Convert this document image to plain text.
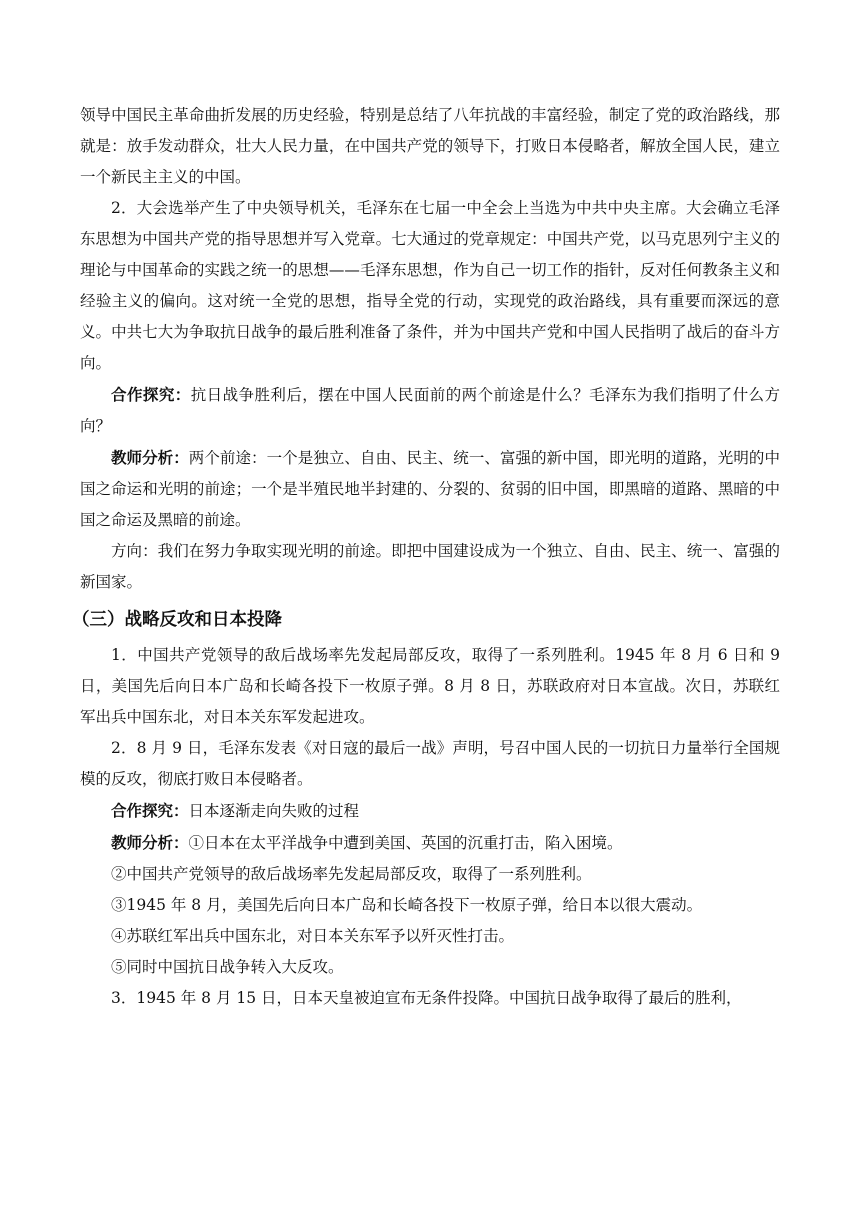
领导中国民主革命曲折发展的历史经验，特别是总结了八年抗战的丰富经验，制定了党的政治路线，那就是：放手发动群众，壮大人民力量，在中国共产党的领导下，打败日本侵略者，解放全国人民，建立一个新民主主义的中国。

2．大会选举产生了中央领导机关，毛泽东在七届一中全会上当选为中共中央主席。大会确立毛泽东思想为中国共产党的指导思想并写入党章。七大通过的党章规定：中国共产党，以马克思列宁主义的理论与中国革命的实践之统一的思想——毛泽东思想，作为自己一切工作的指针，反对任何教条主义和经验主义的偏向。这对统一全党的思想，指导全党的行动，实现党的政治路线，具有重要而深远的意义。中共七大为争取抗日战争的最后胜利准备了条件，并为中国共产党和中国人民指明了战后的奋斗方向。

合作探究：抗日战争胜利后，摆在中国人民面前的两个前途是什么？毛泽东为我们指明了什么方向？

教师分析：两个前途：一个是独立、自由、民主、统一、富强的新中国，即光明的道路，光明的中国之命运和光明的前途；一个是半殖民地半封建的、分裂的、贫弱的旧中国，即黑暗的道路、黑暗的中国之命运及黑暗的前途。

方向：我们在努力争取实现光明的前途。即把中国建设成为一个独立、自由、民主、统一、富强的新国家。

（三）战略反攻和日本投降

1．中国共产党领导的敌后战场率先发起局部反攻，取得了一系列胜利。1945 年 8 月 6 日和 9 日，美国先后向日本广岛和长崎各投下一枚原子弹。8 月 8 日，苏联政府对日本宣战。次日，苏联红军出兵中国东北，对日本关东军发起进攻。

2．8 月 9 日，毛泽东发表《对日寇的最后一战》声明，号召中国人民的一切抗日力量举行全国规模的反攻，彻底打败日本侵略者。

合作探究：日本逐渐走向失败的过程

教师分析：①日本在太平洋战争中遭到美国、英国的沉重打击，陷入困境。

②中国共产党领导的敌后战场率先发起局部反攻，取得了一系列胜利。

③1945 年 8 月，美国先后向日本广岛和长崎各投下一枚原子弹，给日本以很大震动。

④苏联红军出兵中国东北，对日本关东军予以歼灭性打击。

⑤同时中国抗日战争转入大反攻。

3．1945 年 8 月 15 日，日本天皇被迫宣布无条件投降。中国抗日战争取得了最后的胜利，
